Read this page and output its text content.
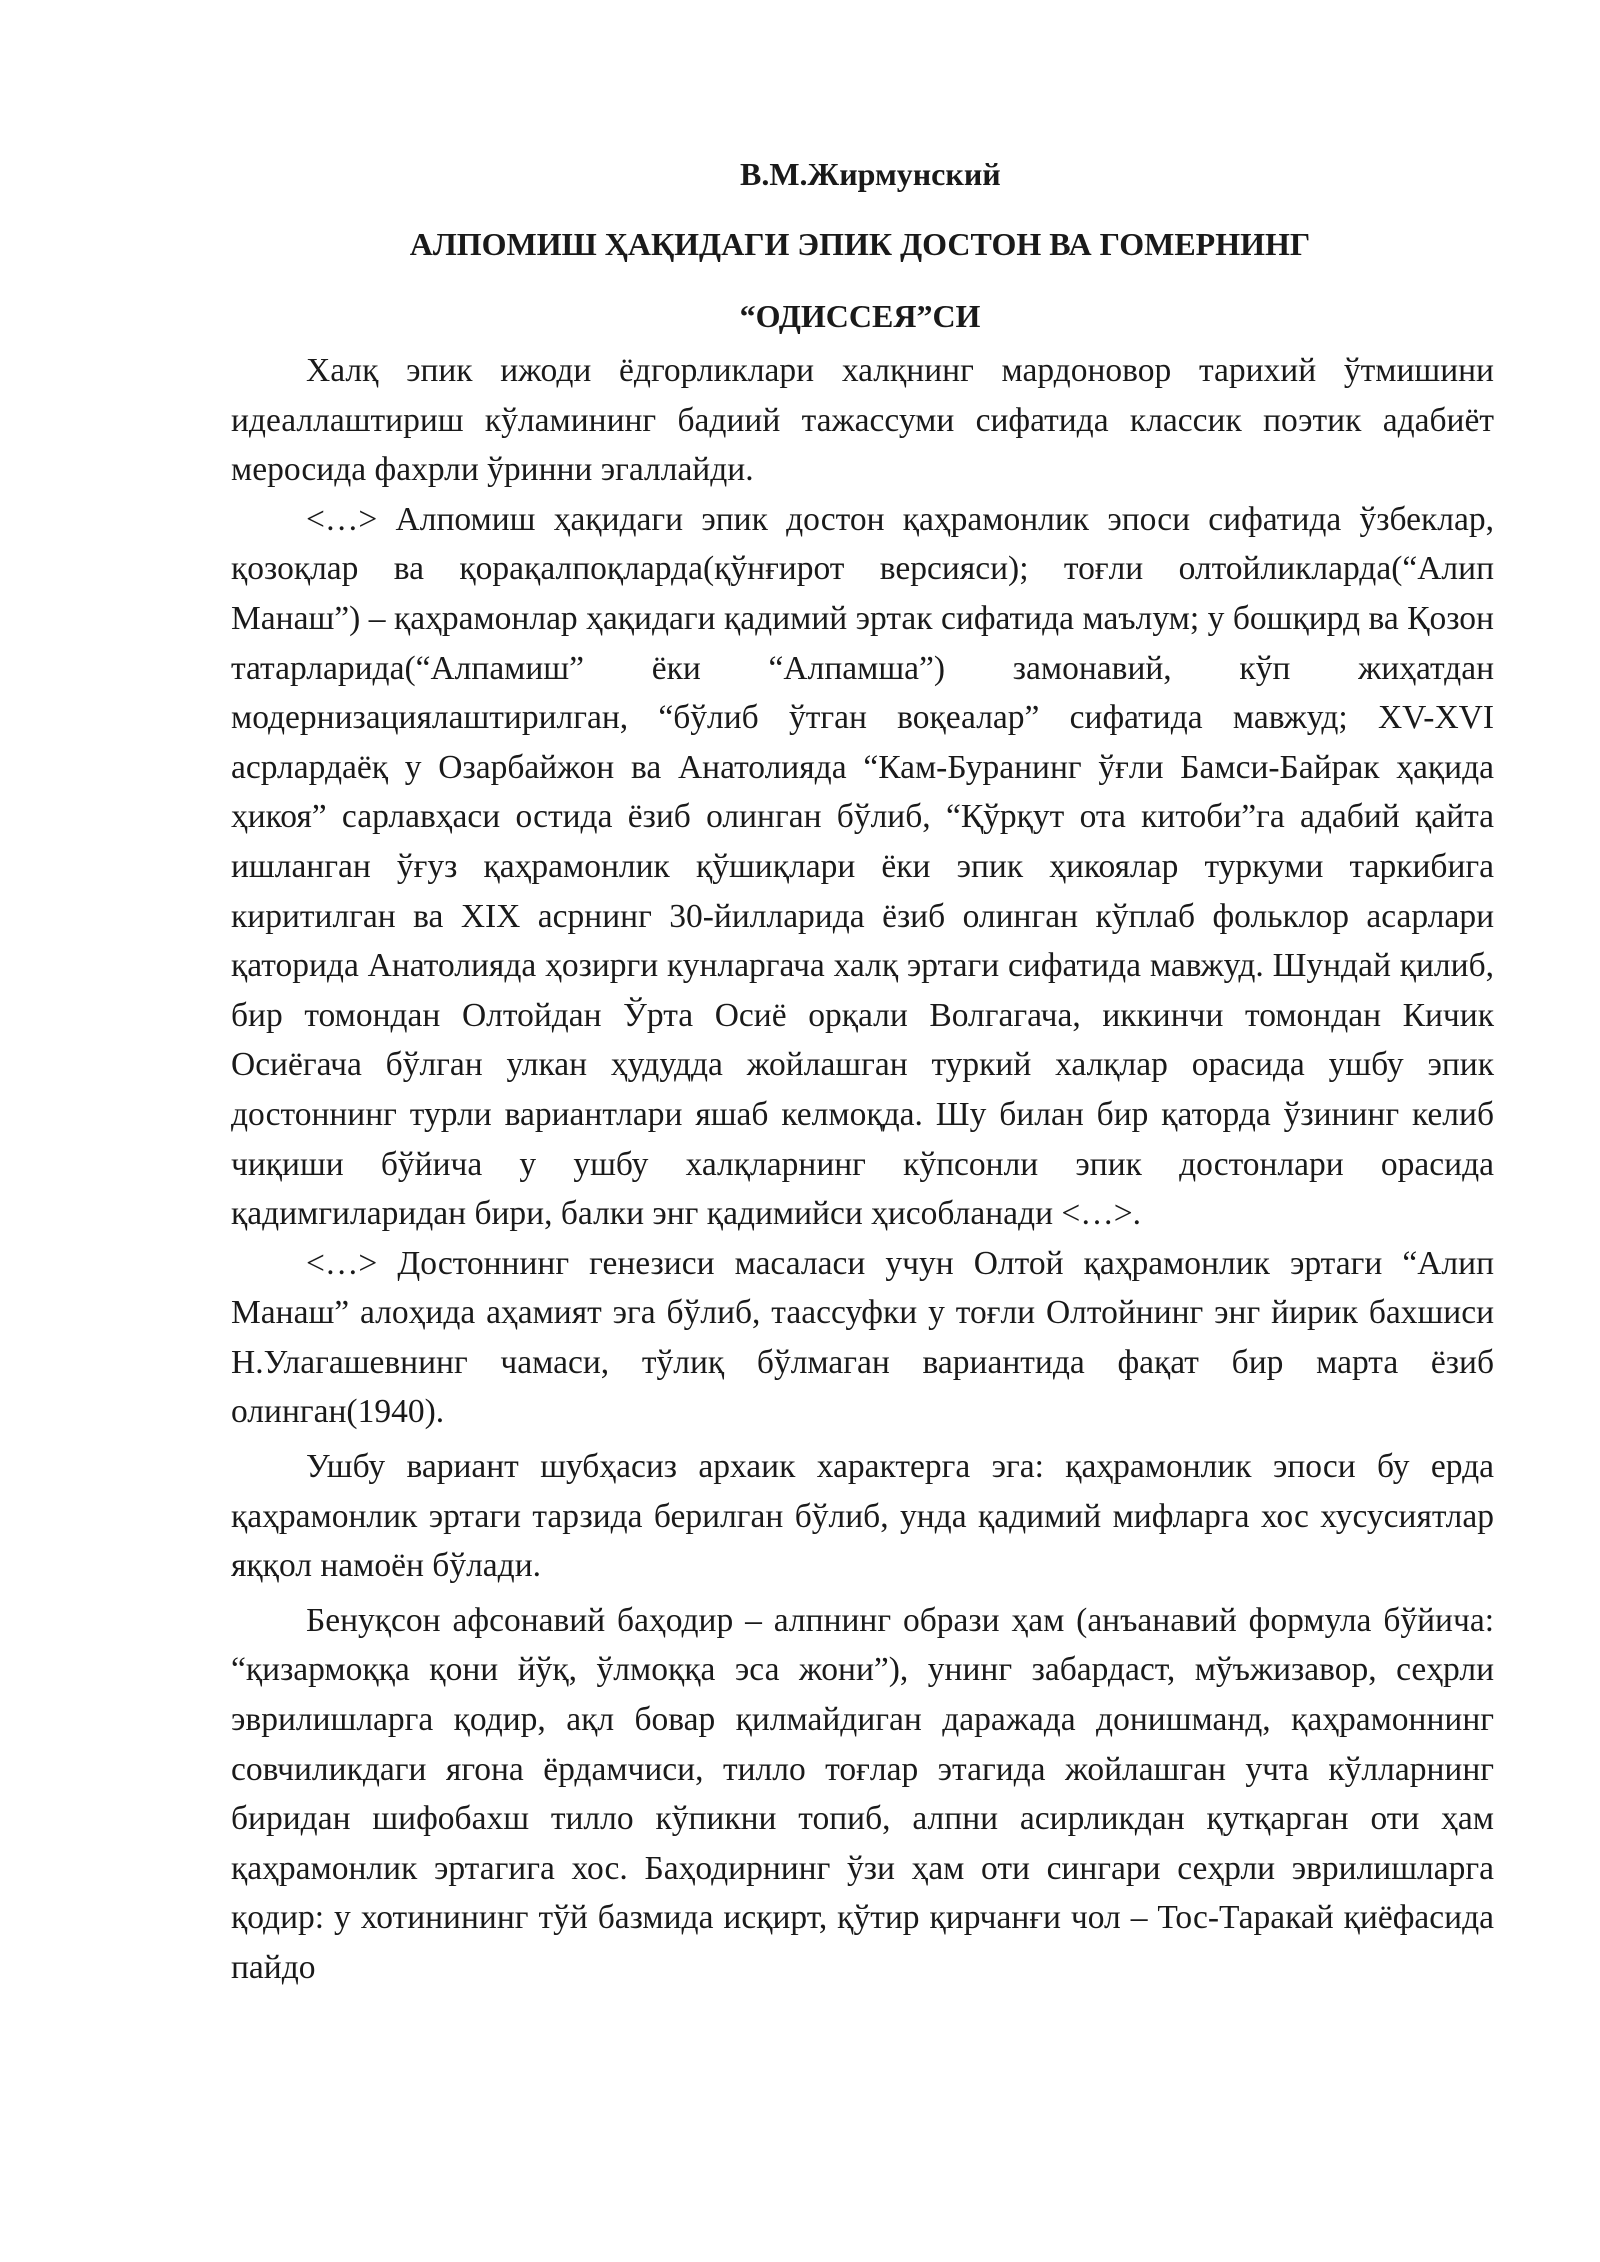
В.М.Жирмунский
АЛПОМИШ ҲАҚИДАГИ ЭПИК ДОСТОН ВА ГОМЕРНИНГ
“ОДИССЕЯ”СИ

Халқ эпик ижоди ёдгорликлари халқнинг мардоновор тарихий ўтмишини идеаллаштириш кўламининг бадиий тажассуми сифатида классик поэтик адабиёт меросида фахрли ўринни эгаллайди.

<…> Алпомиш ҳақидаги эпик достон қаҳрамонлик эпоси сифатида ўзбеклар, қозоқлар ва қорақалпоқларда(қўнғирот версияси); тоғли олтойликларда(“Алип Манаш”) – қаҳрамонлар ҳақидаги қадимий эртак сифатида маълум; у бошқирд ва Қозон татарларида(“Алпамиш” ёки “Алпамша”) замонавий, кўп жиҳатдан модернизациялаштирилган, “бўлиб ўтган воқеалар” сифатида мавжуд; XV-XVI асрлардаёқ у Озарбайжон ва Анатолияда “Кам-Буранинг ўғли Бамси-Байрак ҳақида ҳикоя” сарлавҳаси остида ёзиб олинган бўлиб, “Қўрқут ота китоби”га адабий қайта ишланган ўғуз қаҳрамонлик қўшиқлари ёки эпик ҳикоялар туркуми таркибига киритилган ва XIX асрнинг 30-йилларида ёзиб олинган кўплаб фольклор асарлари қаторида Анатолияда ҳозирги кунларгача халқ эртаги сифатида мавжуд. Шундай қилиб, бир томондан Олтойдан Ўрта Осиё орқали Волгагача, иккинчи томондан Кичик Осиёгача бўлган улкан ҳудудда жойлашган туркий халқлар орасида ушбу эпик достоннинг турли вариантлари яшаб келмоқда. Шу билан бир қаторда ўзининг келиб чиқиши бўйича у ушбу халқларнинг кўпсонли эпик достонлари орасида қадимгиларидан бири, балки энг қадимийси ҳисобланади <…>.

<…> Достоннинг генезиси масаласи учун Олтой қаҳрамонлик эртаги “Алип Манаш” алоҳида аҳамият эга бўлиб, таассуфки у тоғли Олтойнинг энг йирик бахшиси Н.Улагашевнинг чамаси, тўлиқ бўлмаган вариантида фақат бир марта ёзиб олинган(1940).

Ушбу вариант шубҳасиз архаик характерга эга: қаҳрамонлик эпоси бу ерда қаҳрамонлик эртаги тарзида берилган бўлиб, унда қадимий мифларга хос хусусиятлар яққол намоён бўлади.

Бенуқсон афсонавий баҳодир – алпнинг образи ҳам (анъанавий формула бўйича: “қизармоққа қони йўқ, ўлмоққа эса жони”), унинг забардаст, мўъжизавор, сеҳрли эврилишларга қодир, ақл бовар қилмайдиган даражада донишманд, қаҳрамоннинг совчиликдаги ягона ёрдамчиси, тилло тоғлар этагида жойлашган учта кўлларнинг биридан шифобахш тилло кўпикни топиб, алпни асирликдан қутқарган оти ҳам қаҳрамонлик эртагига хос. Баҳодирнинг ўзи ҳам оти сингари сеҳрли эврилишларга қодир: у хотинининг тўй базмида исқирт, қўтир қирчанғи чол – Тос-Таракай қиёфасида пайдо
